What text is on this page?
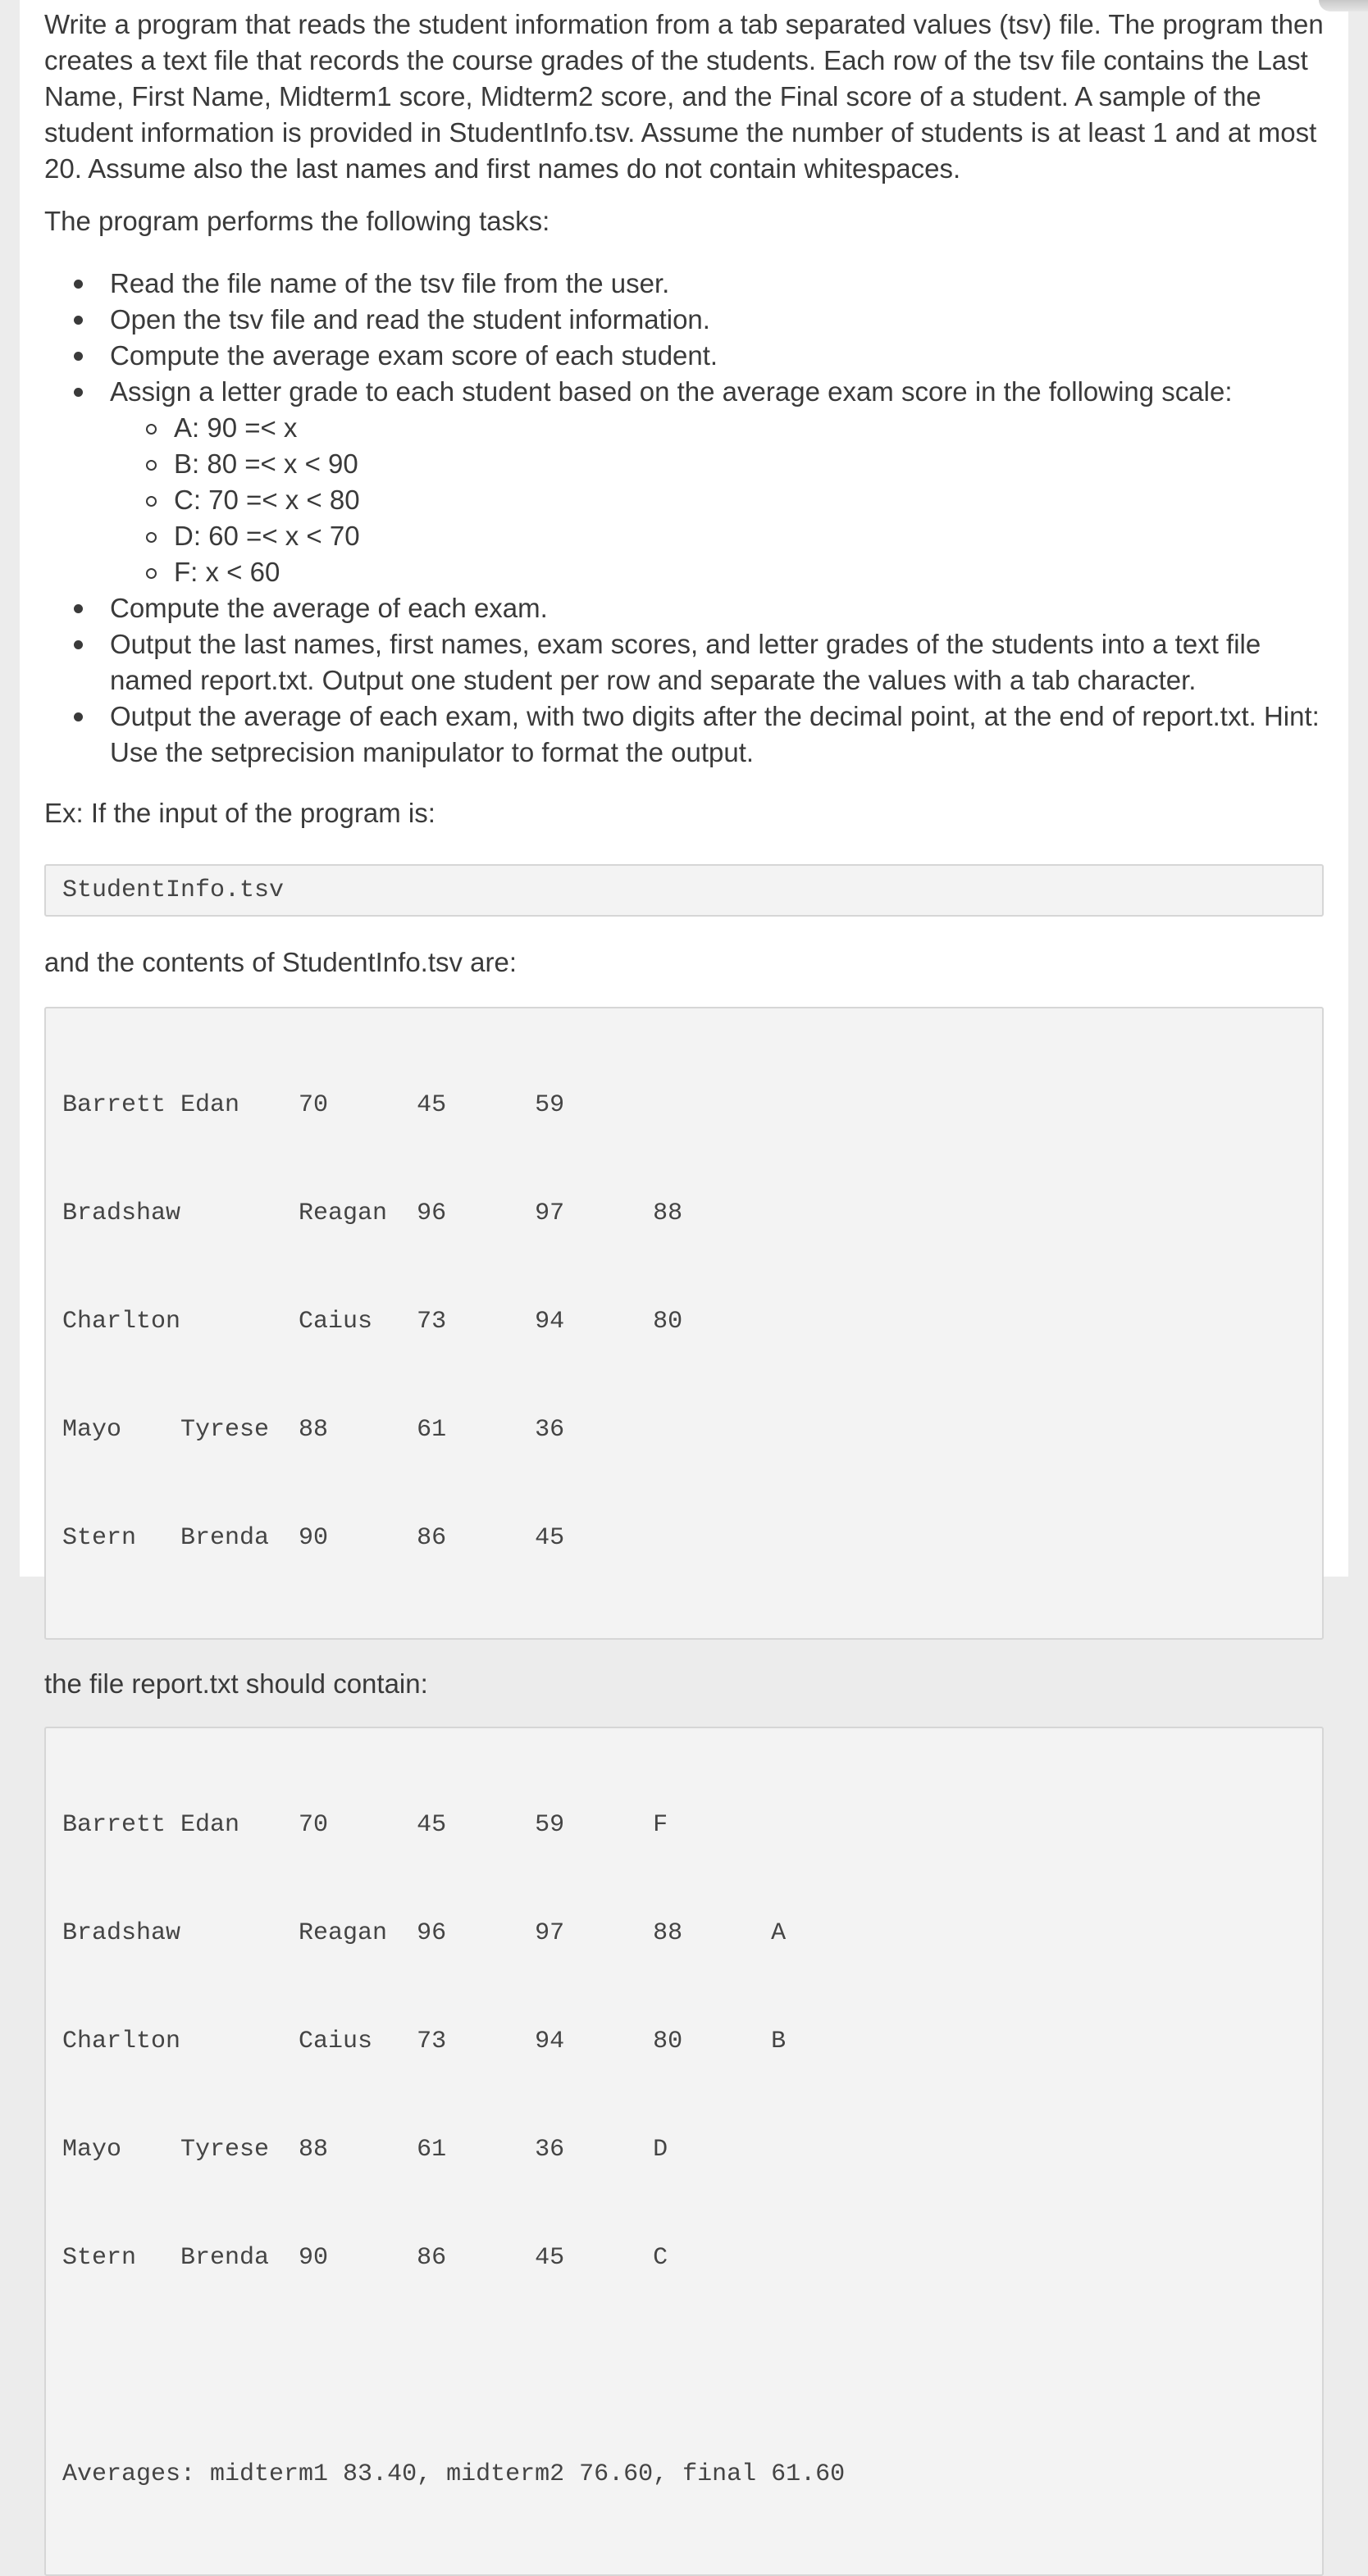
Write a program that reads the student information from a tab separated values (tsv) file. The program then creates a text file that records the course grades of the students. Each row of the tsv file contains the Last Name, First Name, Midterm1 score, Midterm2 score, and the Final score of a student. A sample of the student information is provided in StudentInfo.tsv. Assume the number of students is at least 1 and at most 20. Assume also the last names and first names do not contain whitespaces.

The program performs the following tasks:

Read the file name of the tsv file from the user.
Open the tsv file and read the student information.
Compute the average exam score of each student.
Assign a letter grade to each student based on the average exam score in the following scale:
A: 90 =< x
B: 80 =< x < 90
C: 70 =< x < 80
D: 60 =< x < 70
F: x < 60
Compute the average of each exam.
Output the last names, first names, exam scores, and letter grades of the students into a text file named report.txt. Output one student per row and separate the values with a tab character.
Output the average of each exam, with two digits after the decimal point, at the end of report.txt. Hint: Use the setprecision manipulator to format the output.

Ex: If the input of the program is:

StudentInfo.tsv

and the contents of StudentInfo.tsv are:

Barrett	Edan	70	45	59

Bradshaw	Reagan	96	97	88

Charlton	Caius	73	94	80

Mayo	Tyrese	88	61	36

Stern	Brenda	90	86	45

the file report.txt should contain:

Barrett	Edan	70	45	59	F

Bradshaw	Reagan	96	97	88	A

Charlton	Caius	73	94	80	B

Mayo	Tyrese	88	61	36	D

Stern	Brenda	90	86	45	C

Averages: midterm1 83.40, midterm2 76.60, final 61.60
